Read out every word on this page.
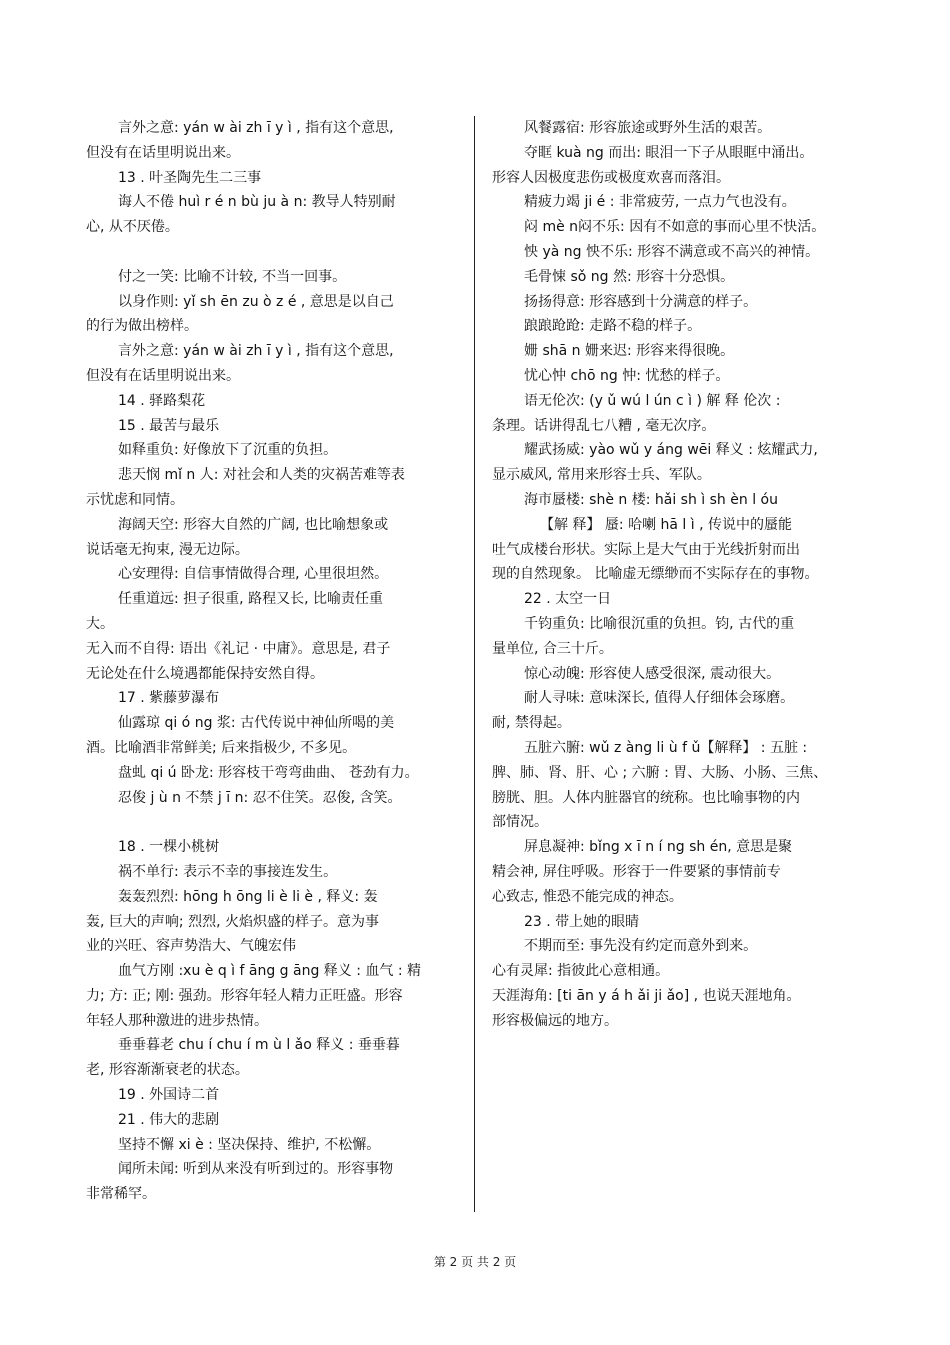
言外之意: yán w ài zh ī y ì , 指有这个意思,
但没有在话里明说出来。
13 . 叶圣陶先生二三事
诲人不倦 huì r é n bù ju à n: 教导人特别耐
心, 从不厌倦。
付之一笑: 比喻不计较, 不当一回事。
以身作则: yǐ sh ēn zu ò z é , 意思是以自己
的行为做出榜样。
言外之意: yán w ài zh ī y ì , 指有这个意思,
但没有在话里明说出来。
14 . 驿路梨花
15 . 最苦与最乐
如释重负: 好像放下了沉重的负担。
悲天悯 mǐ n 人: 对社会和人类的灾祸苦难等表
示忧虑和同情。
海阔天空: 形容大自然的广阔, 也比喻想象或
说话毫无拘束, 漫无边际。
心安理得: 自信事情做得合理, 心里很坦然。
任重道远: 担子很重, 路程又长, 比喻责任重
大。
无入而不自得: 语出《礼记 · 中庸》。意思是, 君子
无论处在什么境遇都能保持安然自得。
17 . 紫藤萝瀑布
仙露琼 qi ó ng 浆: 古代传说中神仙所喝的美
酒。比喻酒非常鲜美; 后来指极少, 不多见。
盘虬 qi ú 卧龙: 形容枝干弯弯曲曲、 苍劲有力。
忍俊 j ù n 不禁 j ī n: 忍不住笑。忍俊, 含笑。
18 . 一棵小桃树
祸不单行: 表示不幸的事接连发生。
轰轰烈烈: hōng h ōng li è li è , 释义: 轰
轰, 巨大的声响; 烈烈, 火焰炽盛的样子。意为事
业的兴旺、容声势浩大、气魄宏伟
血气方刚 :xu è q ì f āng g āng 释义 : 血气 : 精
力; 方: 正; 刚: 强劲。形容年轻人精力正旺盛。形容
年轻人那种激进的进步热情。
垂垂暮老 chu í chu í m ù l ǎo 释义 : 垂垂暮
老, 形容渐渐衰老的状态。
19 . 外国诗二首
21 . 伟大的悲剧
坚持不懈 xi è : 坚决保持、维护, 不松懈。
闻所未闻: 听到从来没有听到过的。形容事物
非常稀罕。
风餐露宿: 形容旅途或野外生活的艰苦。
夺眶 kuà ng 而出: 眼泪一下子从眼眶中涌出。
形容人因极度悲伤或极度欢喜而落泪。
精疲力竭 ji é : 非常疲劳, 一点力气也没有。
闷 mè n闷不乐: 因有不如意的事而心里不快活。
怏 yà ng 怏不乐: 形容不满意或不高兴的神情。
毛骨悚 sǒ ng 然: 形容十分恐惧。
扬扬得意: 形容感到十分满意的样子。
踉踉跄跄: 走路不稳的样子。
姗 shā n 姗来迟: 形容来得很晚。
忧心忡 chō ng 忡: 忧愁的样子。
语无伦次: (y ǔ wú l ún c ì ) 解 释 伦次 :
条理。话讲得乱七八糟 , 毫无次序。
耀武扬威: yào wǔ y áng wēi 释义 : 炫耀武力,
显示威风, 常用来形容士兵、军队。
海市蜃楼: shè n 楼: hǎi sh ì sh èn l óu
【解 释】 蜃: 哈喇 hā l ì , 传说中的蜃能
吐气成楼台形状。实际上是大气由于光线折射而出
现的自然现象。 比喻虚无缥缈而不实际存在的事物。
22 . 太空一日
千钧重负: 比喻很沉重的负担。钧, 古代的重
量单位, 合三十斤。
惊心动魄: 形容使人感受很深, 震动很大。
耐人寻味: 意味深长, 值得人仔细体会琢磨。
耐, 禁得起。
五脏六腑: wǔ z àng li ù f ǔ【解释】 : 五脏 :
脾、肺、肾、肝、心 ; 六腑 : 胃、大肠、小肠、三焦、
膀胱、胆。人体内脏器官的统称。也比喻事物的内
部情况。
屏息凝神: bǐng x ī n í ng sh én, 意思是聚
精会神, 屏住呼吸。形容于一件要紧的事情前专
心致志, 惟恐不能完成的神态。
23 . 带上她的眼睛
不期而至: 事先没有约定而意外到来。
心有灵犀: 指彼此心意相通。
天涯海角: [ti ān y á h ǎi ji ǎo] , 也说天涯地角。
形容极偏远的地方。
第 2 页 共 2 页
